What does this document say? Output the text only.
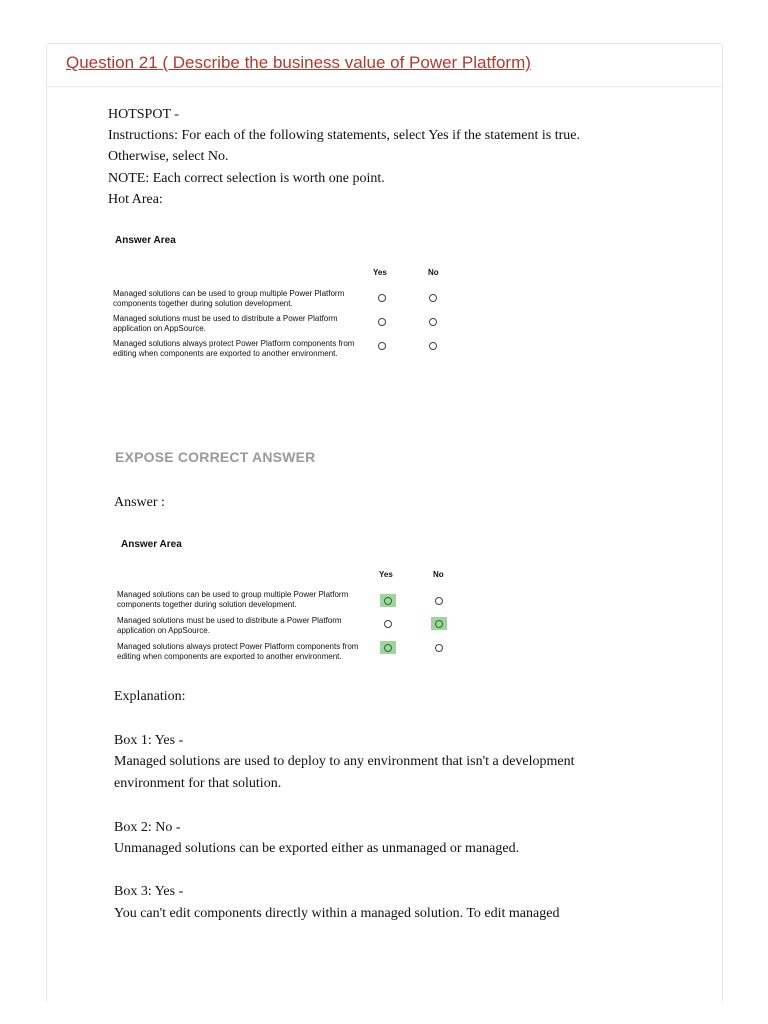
Question 21 ( Describe the business value of Power Platform)
HOTSPOT -
Instructions: For each of the following statements, select Yes if the statement is true.
Otherwise, select No.
NOTE: Each correct selection is worth one point.
Hot Area:
Answer Area
Yes	No
Managed solutions can be used to group multiple Power Platform components together during solution development.
Managed solutions must be used to distribute a Power Platform application on AppSource.
Managed solutions always protect Power Platform components from editing when components are exported to another environment.
EXPOSE CORRECT ANSWER
Answer :
Answer Area
Yes	No
Managed solutions can be used to group multiple Power Platform components together during solution development.
Managed solutions must be used to distribute a Power Platform application on AppSource.
Managed solutions always protect Power Platform components from editing when components are exported to another environment.
Explanation:
Box 1: Yes -
Managed solutions are used to deploy to any environment that isn't a development
environment for that solution.
Box 2: No -
Unmanaged solutions can be exported either as unmanaged or managed.
Box 3: Yes -
You can't edit components directly within a managed solution. To edit managed
